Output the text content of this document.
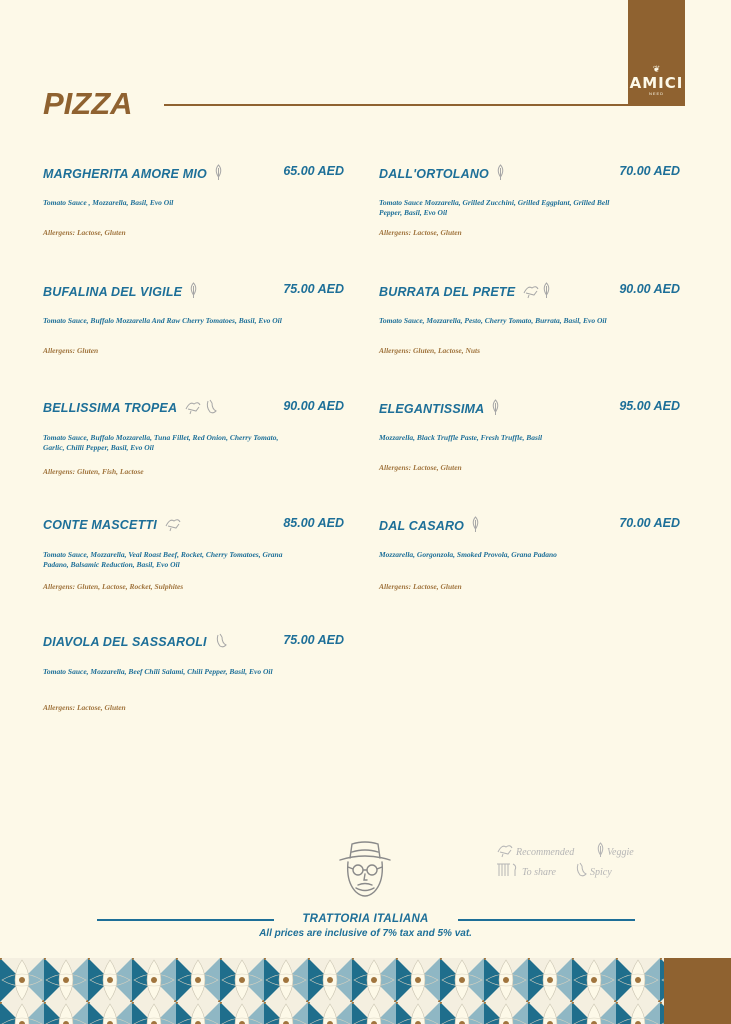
❦
AMICI
NEED
PIZZA
MARGHERITA AMORE MIO	65.00 AED
Tomato Sauce , Mozzarella, Basil, Evo Oil
Allergens: Lactose, Gluten
DALL'ORTOLANO	70.00 AED
Tomato Sauce Mozzarella, Grilled Zucchini, Grilled Eggplant, Grilled Bell Pepper, Basil, Evo Oil
Allergens: Lactose, Gluten
BUFALINA DEL VIGILE	75.00 AED
Tomato Sauce, Buffalo Mozzarella And Raw Cherry Tomatoes, Basil, Evo Oil
Allergens: Gluten
BURRATA DEL PRETE	90.00 AED
Tomato Sauce, Mozzarella, Pesto, Cherry Tomato, Burrata, Basil, Evo Oil
Allergens: Gluten, Lactose, Nuts
BELLISSIMA TROPEA	90.00 AED
Tomato Sauce, Buffalo Mozzarella, Tuna Fillet, Red Onion, Cherry Tomato, Garlic, Chilli Pepper, Basil, Evo Oil
Allergens: Gluten, Fish, Lactose
ELEGANTISSIMA	95.00 AED
Mozzarella, Black Truffle Paste, Fresh Truffle, Basil
Allergens: Lactose, Gluten
CONTE MASCETTI	85.00 AED
Tomato Sauce, Mozzarella, Veal Roast Beef, Rocket, Cherry Tomatoes, Grana Padano, Balsamic Reduction, Basil, Evo Oil
Allergens: Gluten, Lactose, Rocket, Sulphites
DAL CASARO	70.00 AED
Mozzarella, Gorgonzola, Smoked Provola, Grana Padano
Allergens: Lactose, Gluten
DIAVOLA DEL SASSAROLI	75.00 AED
Tomato Sauce, Mozzarella, Beef Chili Salami, Chili Pepper, Basil, Evo Oil
Allergens: Lactose, Gluten
Recommended	Veggie
To share	Spicy
TRATTORIA ITALIANA
All prices are inclusive of 7% tax and 5% vat.
